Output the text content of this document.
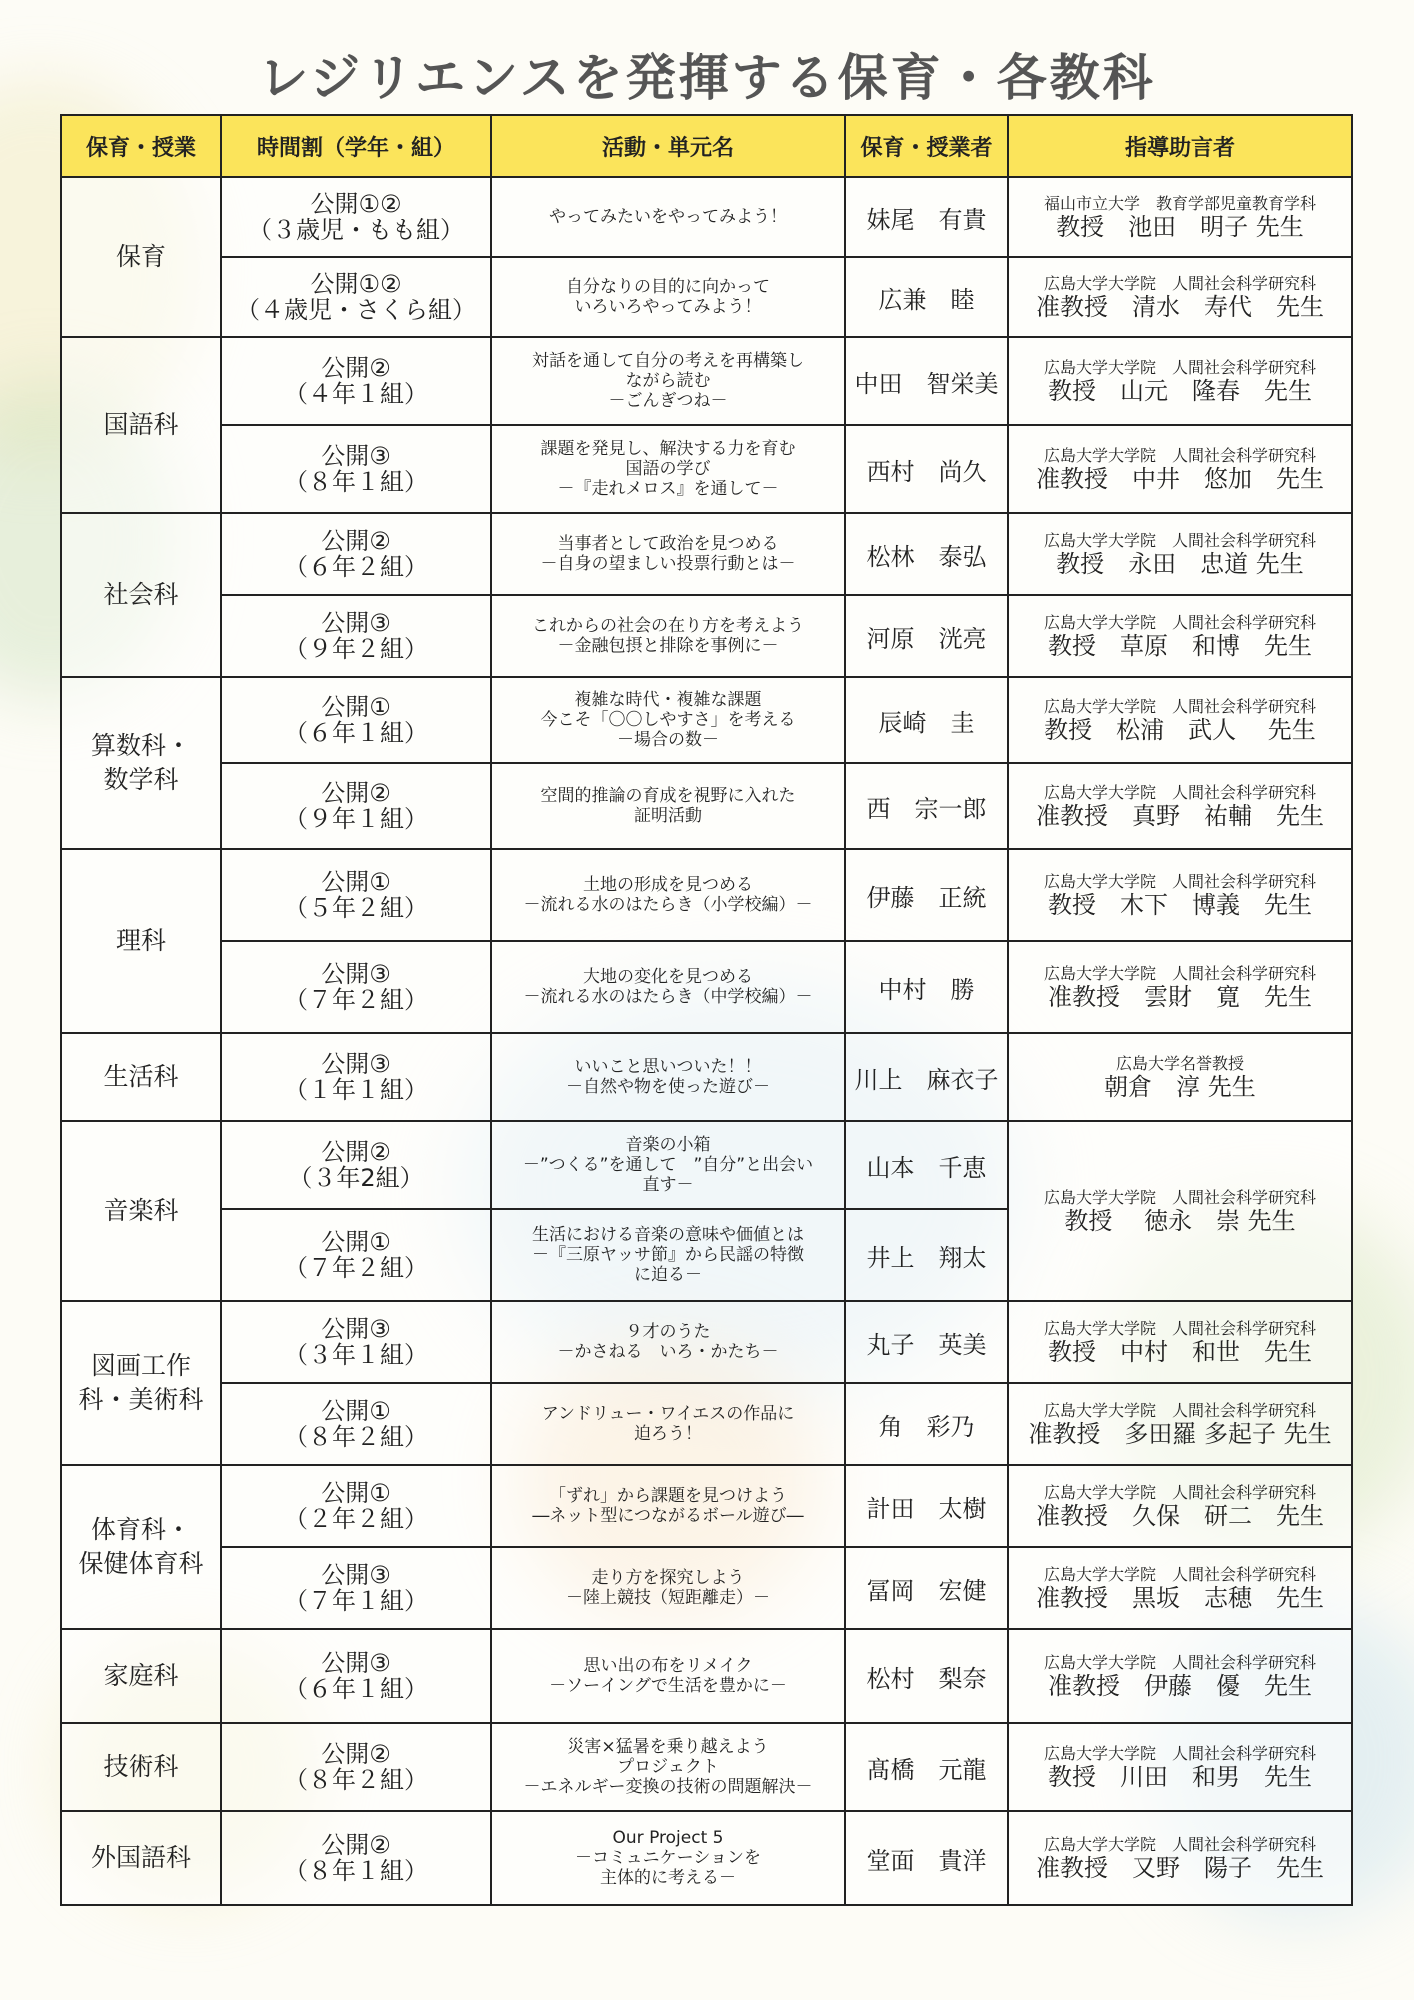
レジリエンスを発揮する保育・各教科
保育・授業	時間割（学年・組）	活動・単元名	保育・授業者	指導助言者

保育	公開①②
（３歳児・もも組）	やってみたいをやってみよう！	妹尾　有貴	福山市立大学　教育学部児童教育学科
教授　池田　明子 先生

	公開①②
（４歳児・さくら組）	自分なりの目的に向かって
いろいろやってみよう！	広兼　睦	広島大学大学院　人間社会科学研究科
准教授　清水　寿代　先生

国語科	公開②
（４年１組）	対話を通して自分の考えを再構築し
ながら読む
－ごんぎつね－	中田　智栄美	広島大学大学院　人間社会科学研究科
教授　山元　隆春　先生

	公開③
（８年１組）	課題を発見し、解決する力を育む
国語の学び
－『走れメロス』を通して－	西村　尚久	広島大学大学院　人間社会科学研究科
准教授　中井　悠加　先生

社会科	公開②
（６年２組）	当事者として政治を見つめる
－自身の望ましい投票行動とは－	松林　泰弘	広島大学大学院　人間社会科学研究科
教授　永田　忠道 先生

	公開③
（９年２組）	これからの社会の在り方を考えよう
－金融包摂と排除を事例に－	河原　洸亮	広島大学大学院　人間社会科学研究科
教授　草原　和博　先生

算数科・
数学科	公開①
（６年１組）	複雑な時代・複雑な課題
今こそ「〇〇しやすさ」を考える
－場合の数－	辰崎　圭	広島大学大学院　人間社会科学研究科
教授　松浦　武人　 先生

	公開②
（９年１組）	空間的推論の育成を視野に入れた
証明活動	西　宗一郎	広島大学大学院　人間社会科学研究科
准教授　真野　祐輔　先生

理科	公開①
（５年２組）	土地の形成を見つめる
－流れる水のはたらき（小学校編）－	伊藤　正統	広島大学大学院　人間社会科学研究科
教授　木下　博義　先生

	公開③
（７年２組）	大地の変化を見つめる
－流れる水のはたらき（中学校編）－	中村　勝	広島大学大学院　人間社会科学研究科
准教授　雲財　寛　先生

生活科	公開③
（１年１組）	いいこと思いついた！！
－自然や物を使った遊び－	川上　麻衣子	広島大学名誉教授
朝倉　淳 先生

音楽科	公開②
（３年2組）	音楽の小箱
－”つくる”を通して　”自分”と出会い
直す－	山本　千恵	広島大学大学院　人間社会科学研究科
教授　 徳永　崇 先生

	公開①
（７年２組）	生活における音楽の意味や価値とは
－『三原ヤッサ節』から民謡の特徴
に迫る－	井上　翔太	

図画工作
科・美術科	公開③
（３年１組）	９才のうた
－かさねる　いろ・かたち－	丸子　英美	広島大学大学院　人間社会科学研究科
教授　中村　和世　先生

	公開①
（８年２組）	アンドリュー・ワイエスの作品に
迫ろう！	角　彩乃	広島大学大学院　人間社会科学研究科
准教授　多田羅 多起子 先生

体育科・
保健体育科	公開①
（２年２組）	「ずれ」から課題を見つけよう
―ネット型につながるボール遊び―	計田　太樹	広島大学大学院　人間社会科学研究科
准教授　久保　研二　先生

	公開③
（７年１組）	走り方を探究しよう
－陸上競技（短距離走）－	冨岡　宏健	広島大学大学院　人間社会科学研究科
准教授　黒坂　志穂　先生

家庭科	公開③
（６年１組）	思い出の布をリメイク
－ソーイングで生活を豊かに－	松村　梨奈	広島大学大学院　人間社会科学研究科
准教授　伊藤　優　先生

技術科	公開②
（８年２組）	災害×猛暑を乗り越えよう
プロジェクト
－エネルギー変換の技術の問題解決－	髙橋　元龍	広島大学大学院　人間社会科学研究科
教授　川田　和男　先生

外国語科	公開②
（８年１組）	Our Project 5
－コミュニケーションを
主体的に考える－	堂面　貴洋	広島大学大学院　人間社会科学研究科
准教授　又野　陽子　先生
